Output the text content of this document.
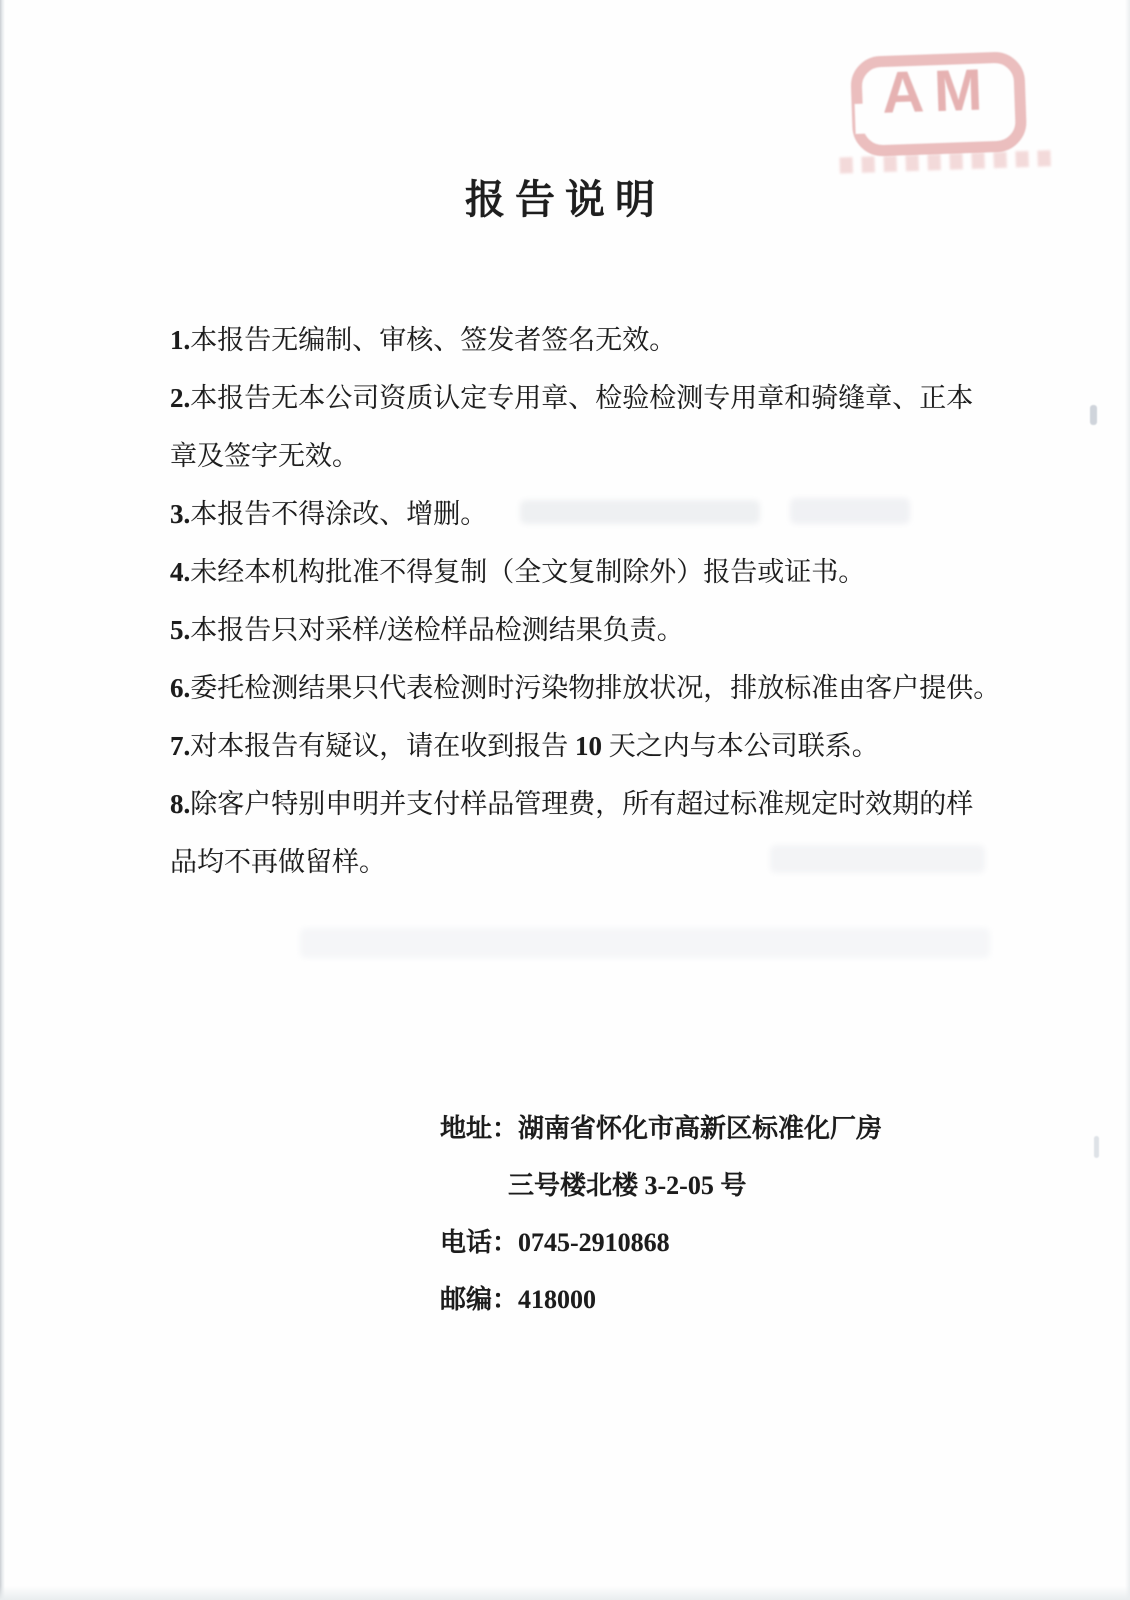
AM
报告说明
1.本报告无编制、审核、签发者签名无效。
2.本报告无本公司资质认定专用章、检验检测专用章和骑缝章、正本
章及签字无效。
3.本报告不得涂改、增删。
4.未经本机构批准不得复制（全文复制除外）报告或证书。
5.本报告只对采样/送检样品检测结果负责。
6.委托检测结果只代表检测时污染物排放状况，排放标准由客户提供。
7.对本报告有疑议，请在收到报告 10 天之内与本公司联系。
8.除客户特别申明并支付样品管理费，所有超过标准规定时效期的样
品均不再做留样。
地址：湖南省怀化市高新区标准化厂房
三号楼北楼 3-2-05 号
电话：0745-2910868
邮编：418000
